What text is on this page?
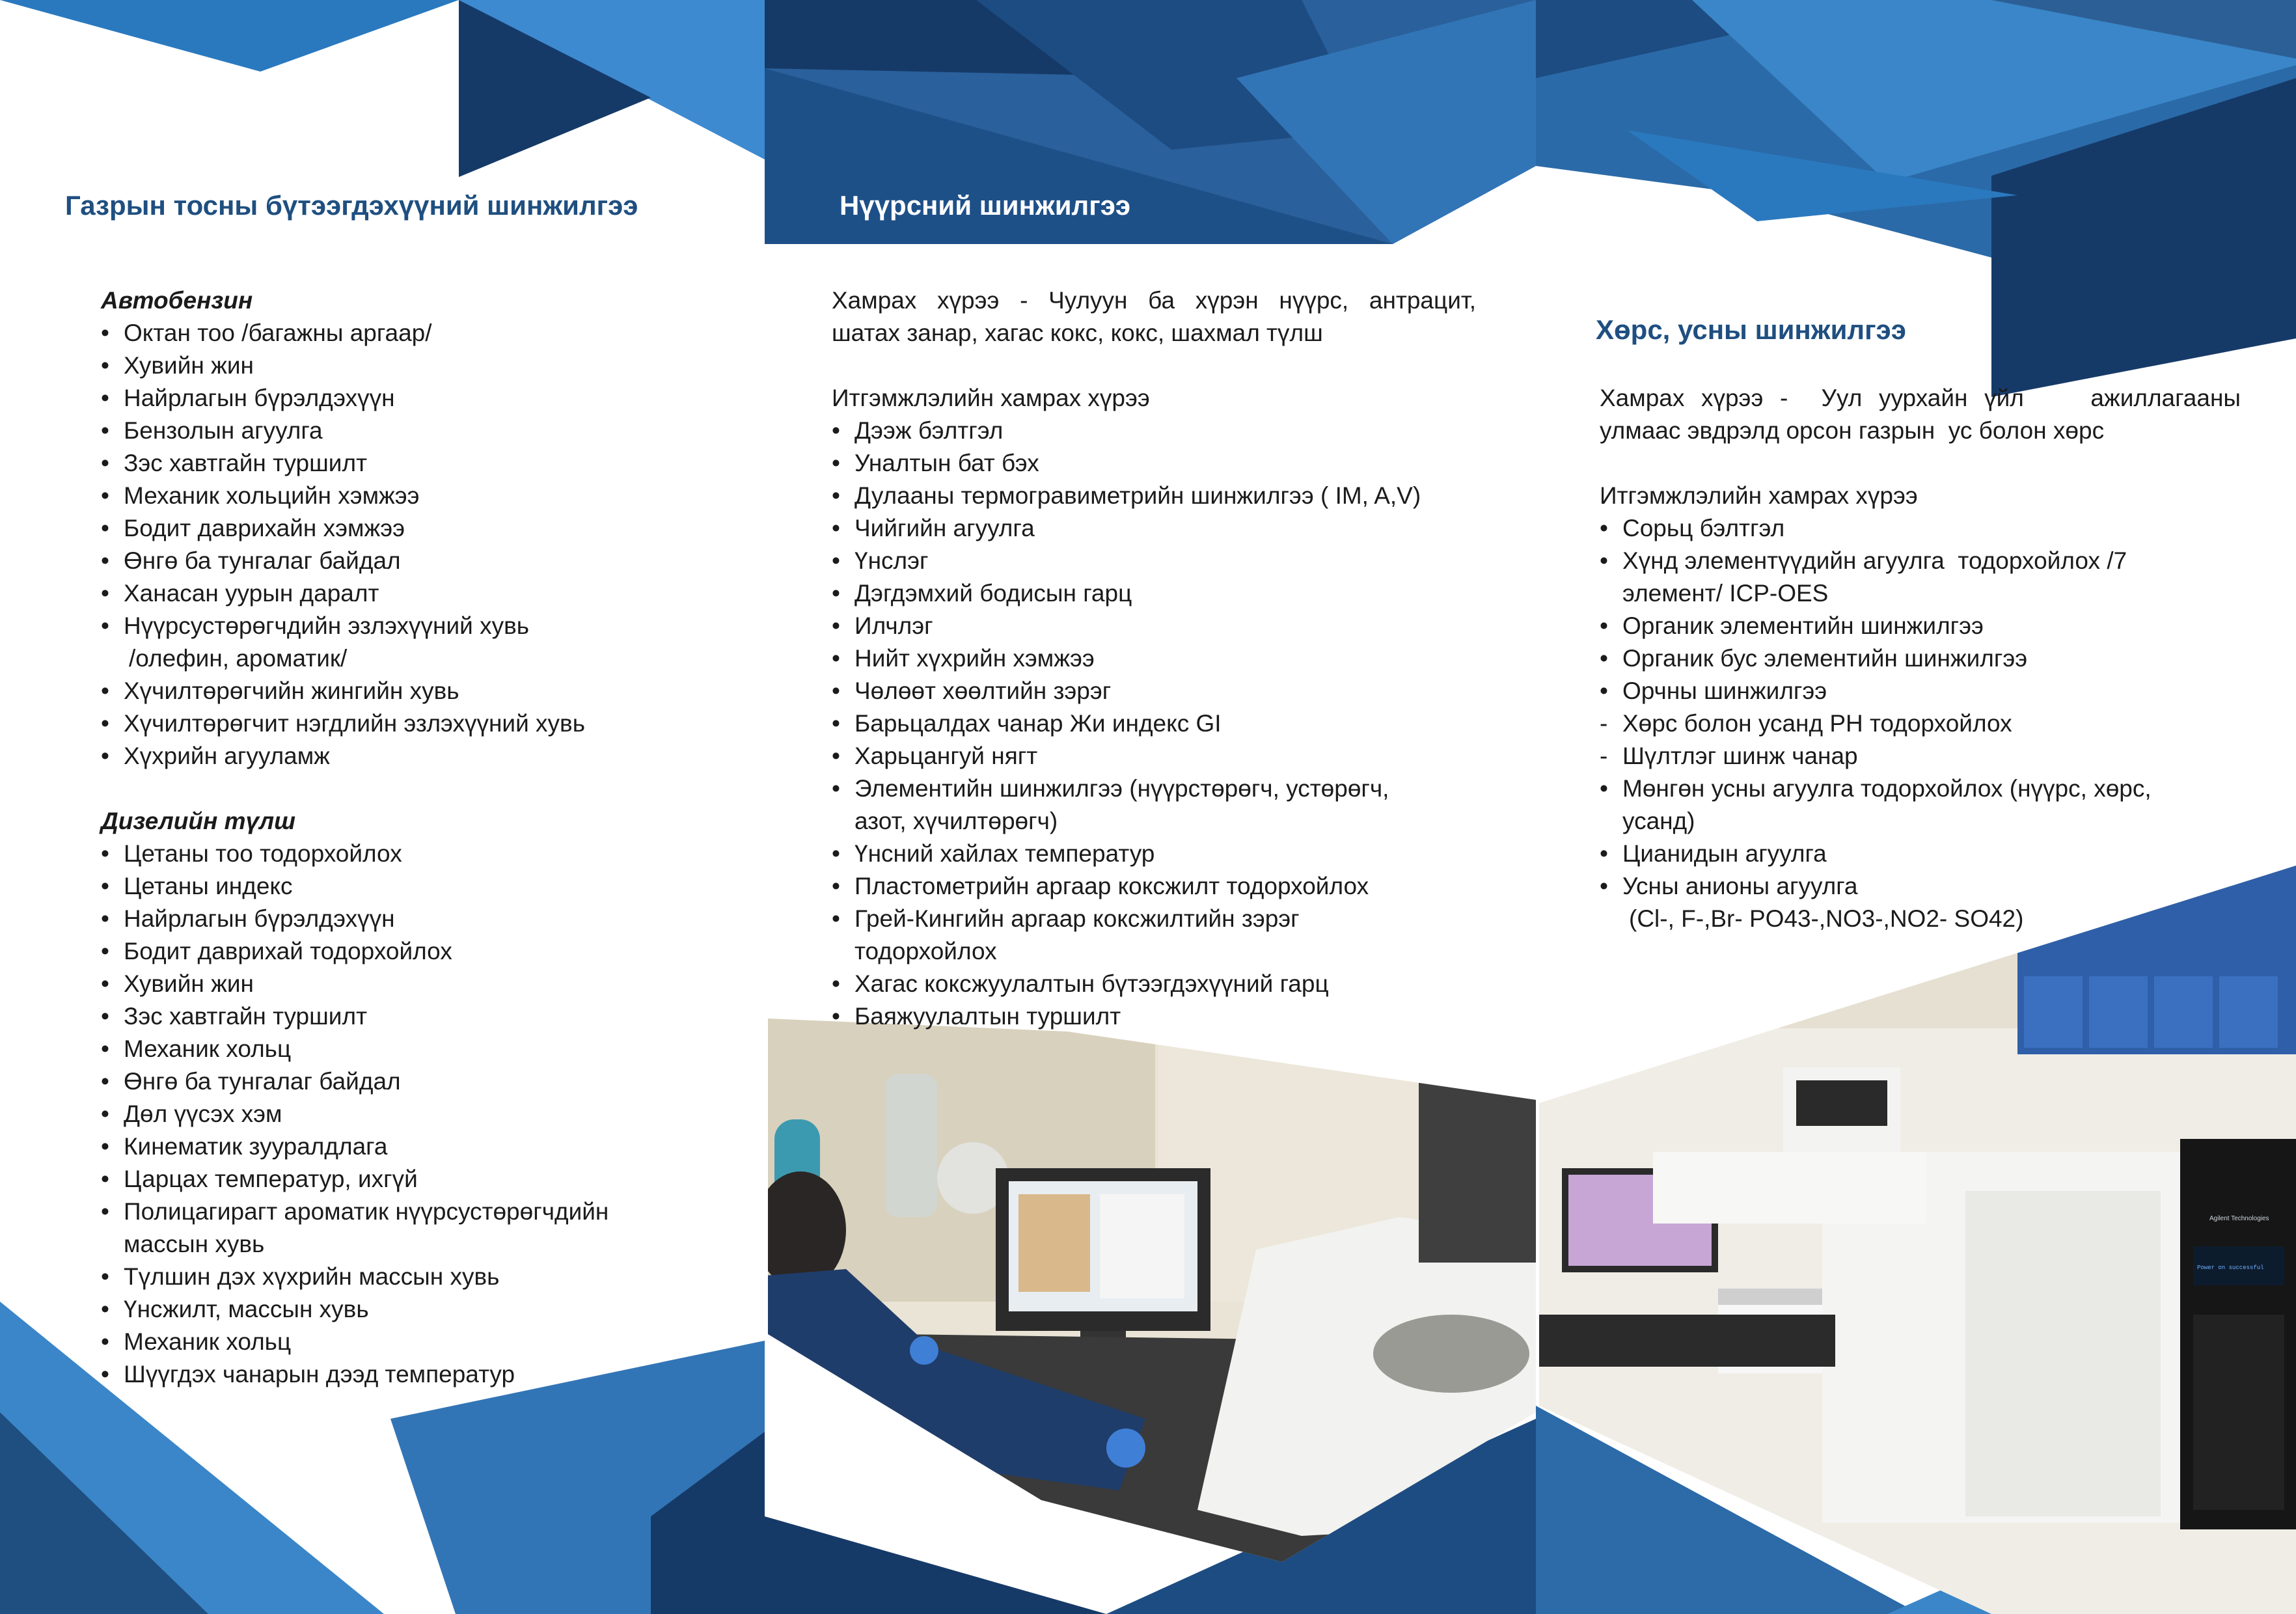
Agilent Technologies
Power on successful
Газрын тосны бүтээгдэхүүний шинжилгээ

Автобензин

• Октан тоо /багажны аргаар/
• Хувийн жин
• Найрлагын бүрэлдэхүүн
• Бензолын агуулга
• Зэс хавтгайн туршилт
• Механик хольцийн хэмжээ
• Бодит даврихайн хэмжээ
• Өнгө ба тунгалаг байдал
• Ханасан уурын даралт
• Нүүрсустөрөгчдийн эзлэхүүний хувь
/олефин, ароматик/
• Хүчилтөрөгчийн жингийн хувь
• Хүчилтөрөгчит нэгдлийн эзлэхүүний хувь
• Хүхрийн агууламж

Дизелийн түлш

• Цетаны тоо тодорхойлох
• Цетаны индекс
• Найрлагын бүрэлдэхүүн
• Бодит даврихай тодорхойлох
• Хувийн жин
• Зэс хавтгайн туршилт
• Механик хольц
• Өнгө ба тунгалаг байдал
• Дөл үүсэх хэм
• Кинематик зууралдлага
• Царцах температур, ихгүй
• Полицагирагт ароматик нүүрсустөрөгчдийн
массын хувь
• Түлшин дэх хүхрийн массын хувь
• Үнсжилт, массын хувь
• Механик хольц
• Шүүгдэх чанарын дээд температур
Нүүрсний шинжилгээ

Хамрах хүрээ - Чулуун ба хүрэн нүүрс, антрацит,

шатах занар, хагас кокс, кокс, шахмал түлш

Итгэмжлэлийн хамрах хүрээ

• Дээж бэлтгэл
• Уналтын бат бэх
• Дулааны термогравиметрийн шинжилгээ ( IM, A,V)
• Чийгийн агуулга
• Үнслэг
• Дэгдэмхий бодисын гарц
• Илчлэг
• Нийт хүхрийн хэмжээ
• Чөлөөт хөөлтийн зэрэг
• Барьцалдах чанар Жи индекс GI
• Харьцангуй нягт
• Элементийн шинжилгээ (нүүрстөрөгч, устөрөгч,
азот, хүчилтөрөгч)
• Үнсний хайлах температур
• Пластометрийн аргаар коксжилт тодорхойлох
• Грей-Кингийн аргаар коксжилтийн зэрэг
тодорхойлох
• Хагас коксжуулалтын бүтээгдэхүүний гарц
• Баяжуулалтын туршилт
Хөрс, усны шинжилгээ

Хамрах хүрээ -  Уул уурхайн үйл    ажиллагааны

улмаас эвдрэлд орсон газрын  ус болон хөрс

Итгэмжлэлийн хамрах хүрээ

• Сорьц бэлтгэл
• Хүнд элементүүдийн агуулга  тодорхойлох /7
элемент/ ICP-OES
• Органик элементийн шинжилгээ
• Органик бус элементийн шинжилгээ
• Орчны шинжилгээ
- Хөрс болон усанд PH тодорхойлох
- Шүлтлэг шинж чанар
• Мөнгөн усны агуулга тодорхойлох (нүүрс, хөрс,
усанд)
• Цианидын агуулга
• Усны анионы агуулга
(Cl-, F-,Br- PO43-,NO3-,NO2- SO42)
